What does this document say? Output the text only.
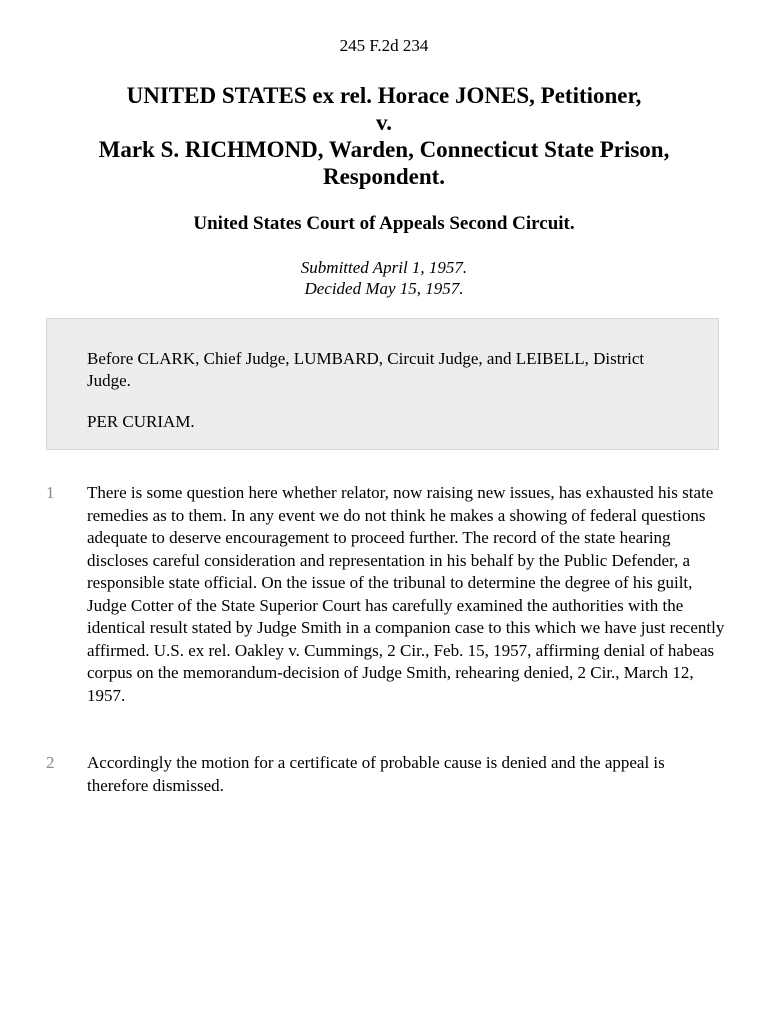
245 F.2d 234
UNITED STATES ex rel. Horace JONES, Petitioner,
v.
Mark S. RICHMOND, Warden, Connecticut State Prison,
Respondent.
United States Court of Appeals Second Circuit.
Submitted April 1, 1957.
Decided May 15, 1957.
Before CLARK, Chief Judge, LUMBARD, Circuit Judge, and LEIBELL, District Judge.
PER CURIAM.
1	There is some question here whether relator, now raising new issues, has exhausted his state remedies as to them. In any event we do not think he makes a showing of federal questions adequate to deserve encouragement to proceed further. The record of the state hearing discloses careful consideration and representation in his behalf by the Public Defender, a responsible state official. On the issue of the tribunal to determine the degree of his guilt, Judge Cotter of the State Superior Court has carefully examined the authorities with the identical result stated by Judge Smith in a companion case to this which we have just recently affirmed. U.S. ex rel. Oakley v. Cummings, 2 Cir., Feb. 15, 1957, affirming denial of habeas corpus on the memorandum-decision of Judge Smith, rehearing denied, 2 Cir., March 12, 1957.
2	Accordingly the motion for a certificate of probable cause is denied and the appeal is therefore dismissed.
